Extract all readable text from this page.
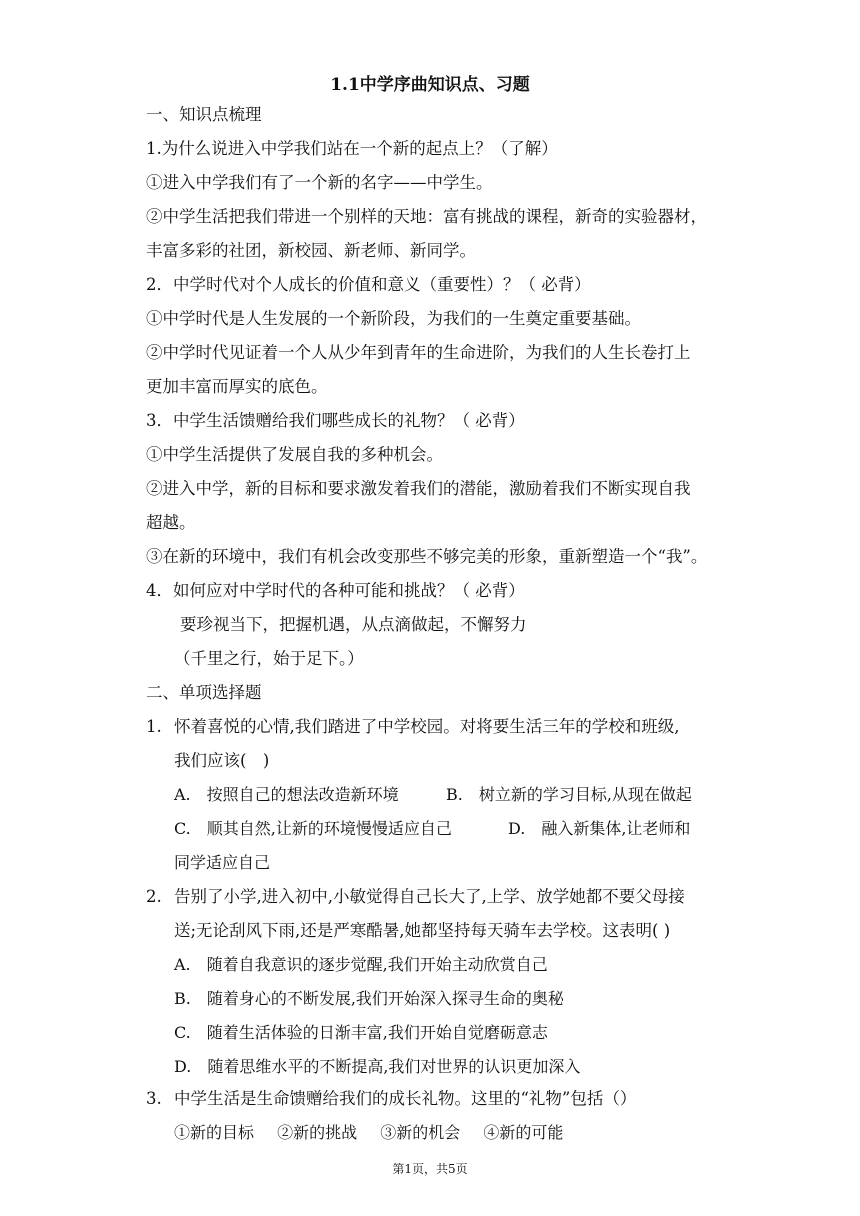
1.1中学序曲知识点、习题
一、知识点梳理
1.为什么说进入中学我们站在一个新的起点上？（了解）
①进入中学我们有了一个新的名字——中学生。
②中学生活把我们带进一个别样的天地：富有挑战的课程，新奇的实验器材，
丰富多彩的社团，新校园、新老师、新同学。
2．中学时代对个人成长的价值和意义（重要性）？（ 必背）
①中学时代是人生发展的一个新阶段，为我们的一生奠定重要基础。
②中学时代见证着一个人从少年到青年的生命进阶，为我们的人生长卷打上
更加丰富而厚实的底色。
3．中学生活馈赠给我们哪些成长的礼物？（ 必背）
①中学生活提供了发展自我的多种机会。
②进入中学，新的目标和要求激发着我们的潜能，激励着我们不断实现自我
超越。
③在新的环境中，我们有机会改变那些不够完美的形象，重新塑造一个“我”。
4．如何应对中学时代的各种可能和挑战？（ 必背）
要珍视当下，把握机遇，从点滴做起，不懈努力
（千里之行，始于足下。）
二、单项选择题
1. 怀着喜悦的心情,我们踏进了中学校园。对将要生活三年的学校和班级,
我们应该(　)
A.　按照自己的想法改造新环境	B.　树立新的学习目标,从现在做起
C.　顺其自然,让新的环境慢慢适应自己	D.　融入新集体,让老师和
同学适应自己
2. 告别了小学,进入初中,小敏觉得自己长大了,上学、放学她都不要父母接
送;无论刮风下雨,还是严寒酷暑,她都坚持每天骑车去学校。这表明( )
A.　随着自我意识的逐步觉醒,我们开始主动欣赏自己
B.　随着身心的不断发展,我们开始深入探寻生命的奥秘
C.　随着生活体验的日渐丰富,我们开始自觉磨砺意志
D.　随着思维水平的不断提高,我们对世界的认识更加深入
3. 中学生活是生命馈赠给我们的成长礼物。这里的“礼物”包括（）
①新的目标 ②新的挑战 ③新的机会 ④新的可能
第1页，共5页
